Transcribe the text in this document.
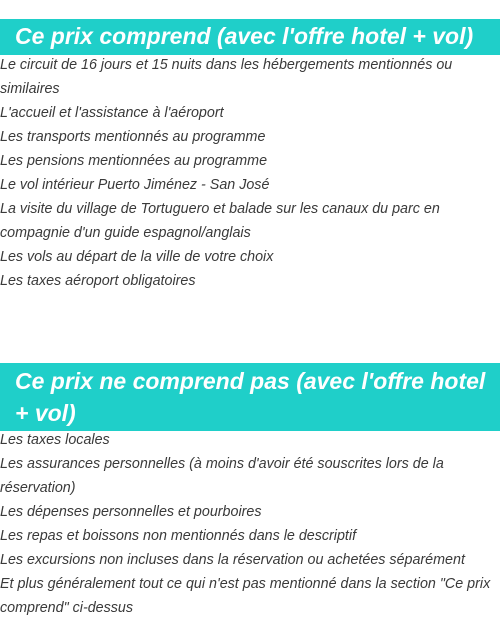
Ce prix comprend (avec l'offre hotel + vol)
Le circuit de 16 jours et 15 nuits dans les hébergements mentionnés ou similaires
L'accueil et l'assistance à l'aéroport
Les transports mentionnés au programme
Les pensions mentionnées au programme
Le vol intérieur Puerto Jiménez - San José
La visite du village de Tortuguero et balade sur les canaux du parc en compagnie d'un guide espagnol/anglais
Les vols au départ de la ville de votre choix
Les taxes aéroport obligatoires
Ce prix ne comprend pas (avec l'offre hotel + vol)
Les taxes locales
Les assurances personnelles (à moins d'avoir été souscrites lors de la réservation)
Les dépenses personnelles et pourboires
Les repas et boissons non mentionnés dans le descriptif
Les excursions non incluses dans la réservation ou achetées séparément
Et plus généralement tout ce qui n'est pas mentionné dans la section "Ce prix comprend" ci-dessus
